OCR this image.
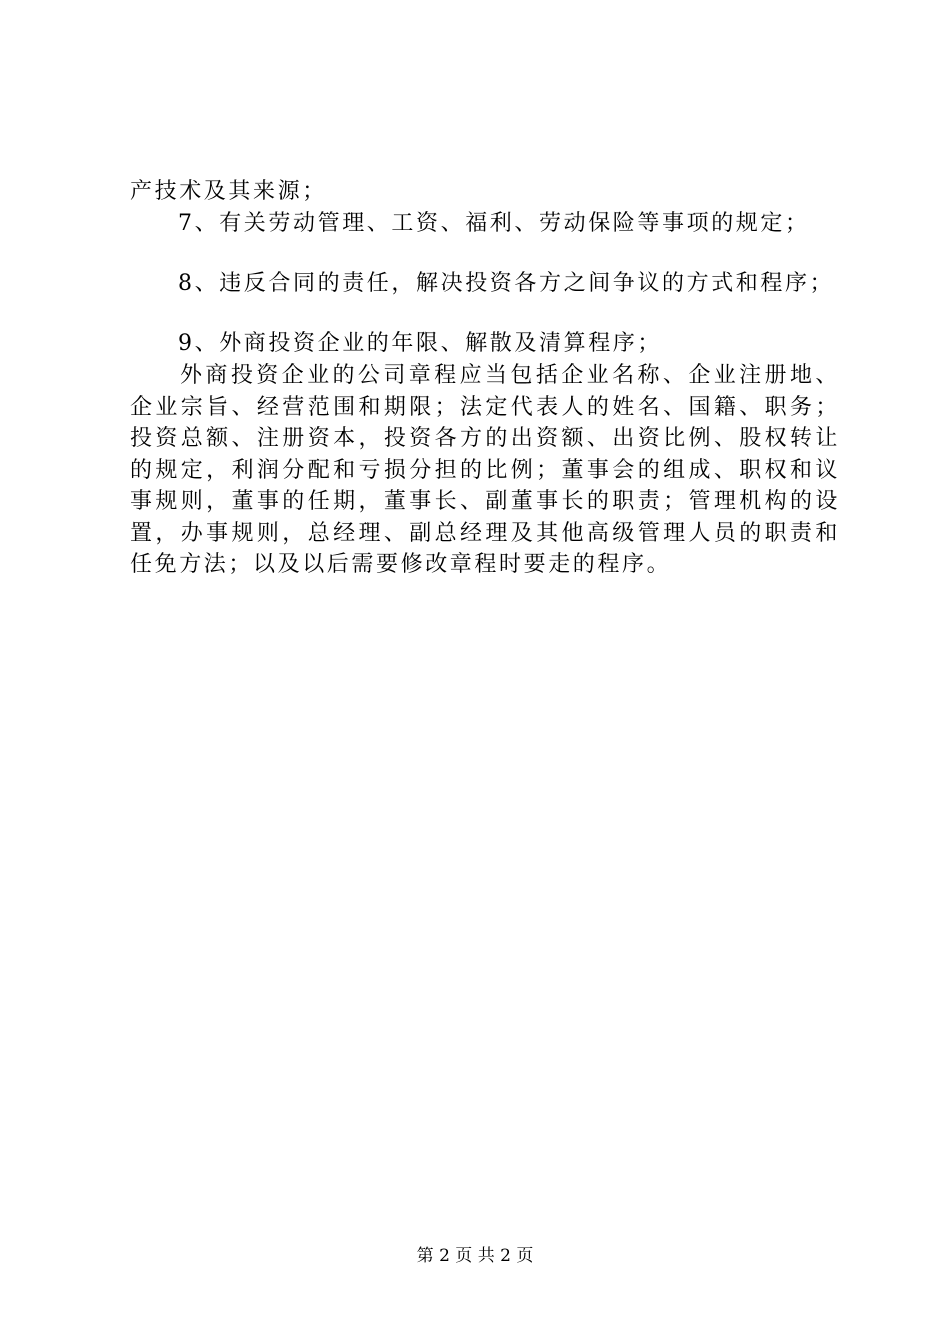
产技术及其来源；
7、有关劳动管理、工资、福利、劳动保险等事项的规定；
8、违反合同的责任，解决投资各方之间争议的方式和程序；
9、外商投资企业的年限、解散及清算程序；
外商投资企业的公司章程应当包括企业名称、企业注册地、企业宗旨、经营范围和期限；法定代表人的姓名、国籍、职务；投资总额、注册资本，投资各方的出资额、出资比例、股权转让的规定，利润分配和亏损分担的比例；董事会的组成、职权和议事规则，董事的任期，董事长、副董事长的职责；管理机构的设置，办事规则，总经理、副总经理及其他高级管理人员的职责和任免方法；以及以后需要修改章程时要走的程序。
第 2 页 共 2 页
